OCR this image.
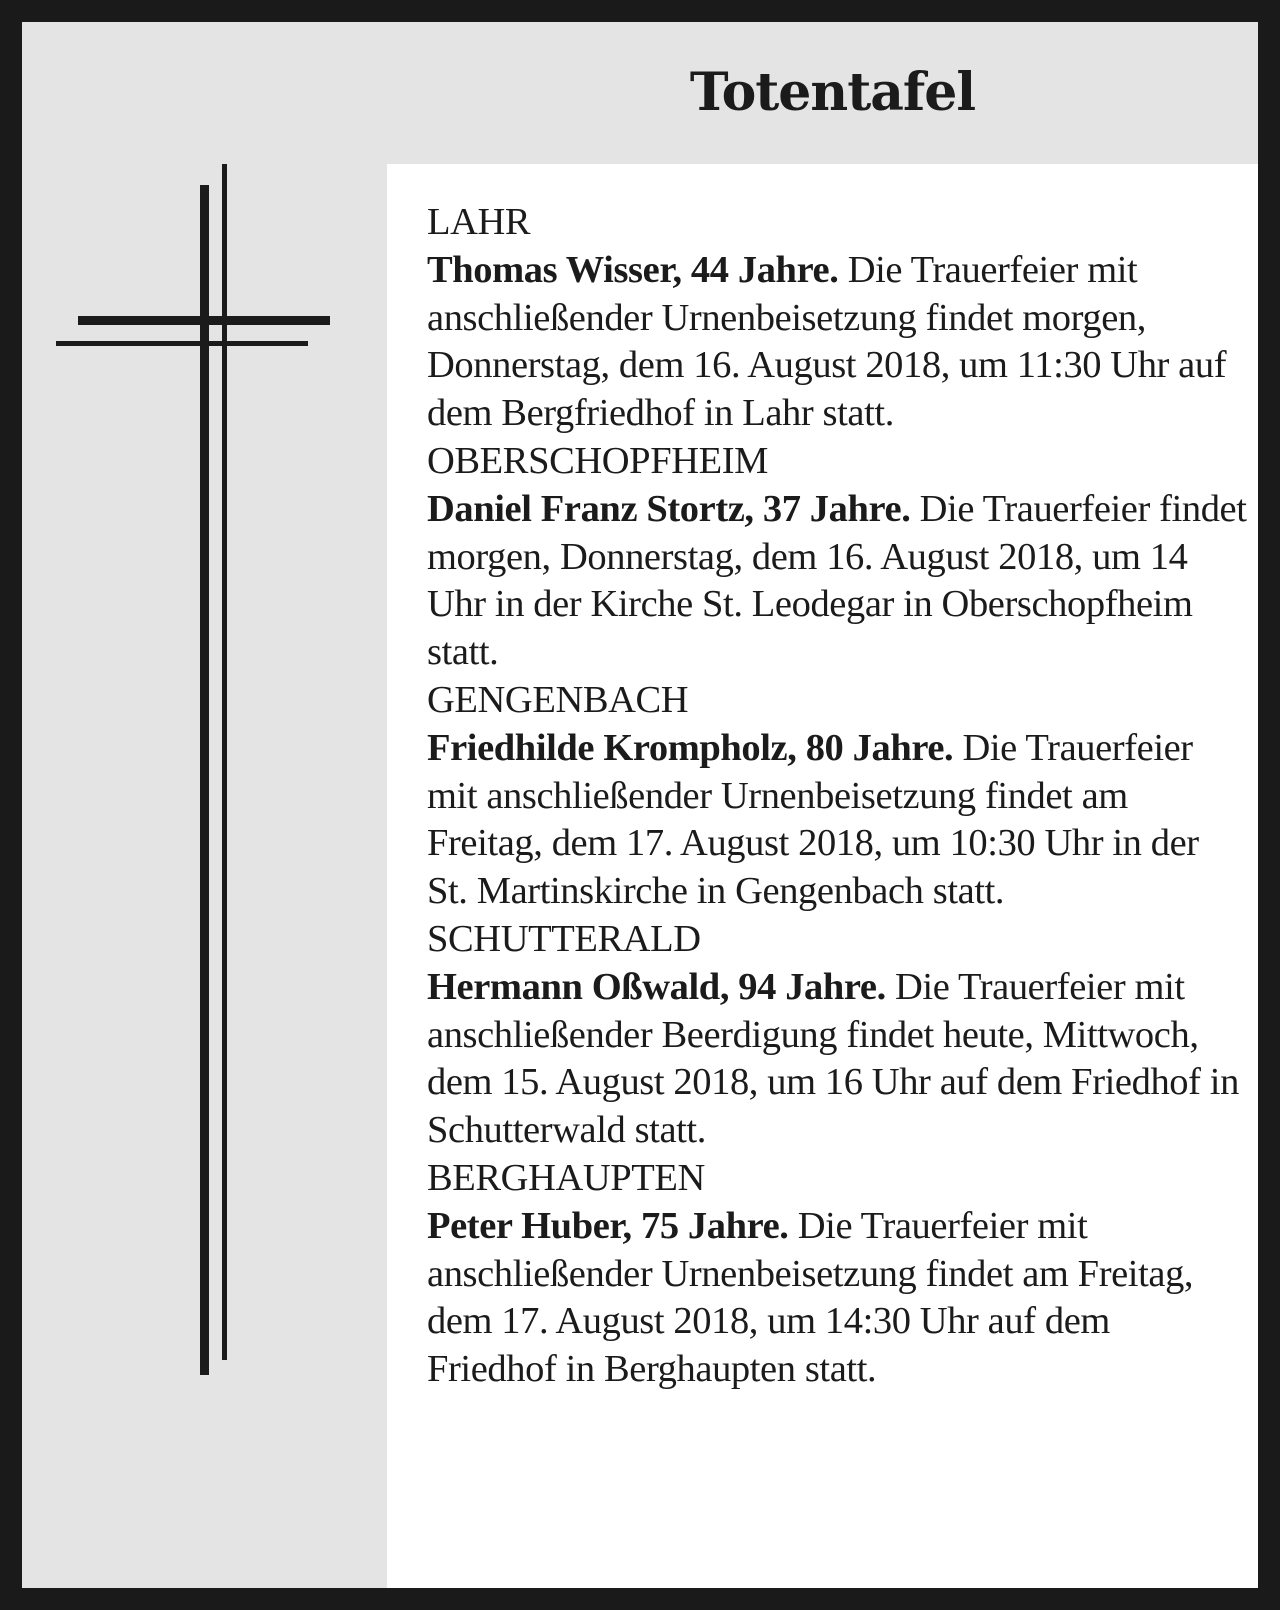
Totentafel
LAHR
Thomas Wisser, 44 Jahre. Die Trauerfeier mit anschließender Urnenbeisetzung findet morgen, Donnerstag, dem 16. August 2018, um 11:30 Uhr auf dem Bergfriedhof in Lahr statt.
OBERSCHOPFHEIM
Daniel Franz Stortz, 37 Jahre. Die Trauerfeier findet morgen, Donnerstag, dem 16. August 2018, um 14 Uhr in der Kirche St. Leodegar in Oberschopfheim statt.
GENGENBACH
Friedhilde Krompholz, 80 Jahre. Die Trauerfeier mit anschließender Urnenbeisetzung findet am Freitag, dem 17. August 2018, um 10:30 Uhr in der St. Martinskirche in Gengenbach statt.
SCHUTTERALD
Hermann Oßwald, 94 Jahre. Die Trauerfeier mit anschließender Beerdigung findet heute, Mittwoch, dem 15. August 2018, um 16 Uhr auf dem Friedhof in Schutterwald statt.
BERGHAUPTEN
Peter Huber, 75 Jahre. Die Trauerfeier mit anschließender Urnenbeisetzung findet am Freitag, dem 17. August 2018, um 14:30 Uhr auf dem Friedhof in Berghaupten statt.
